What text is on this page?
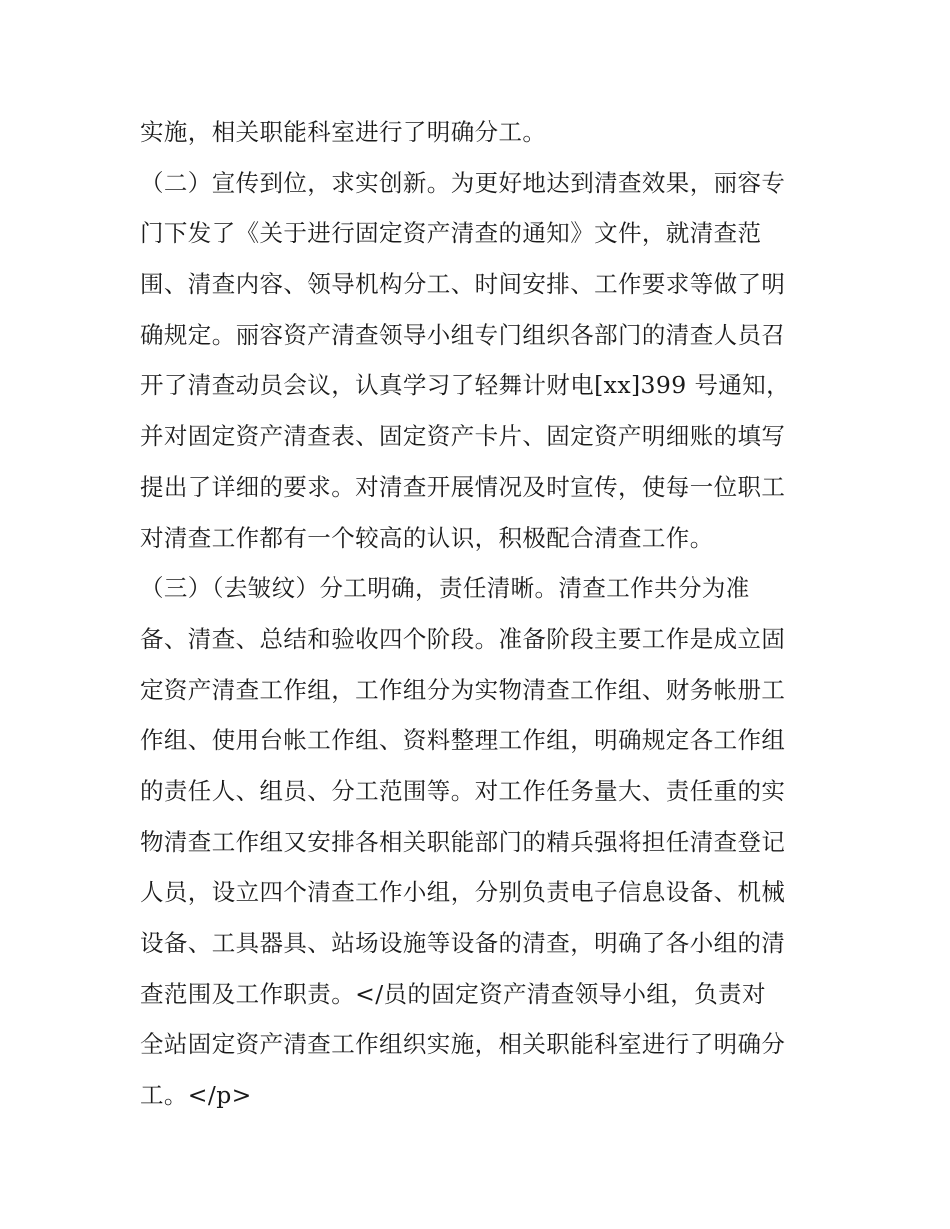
实施，相关职能科室进行了明确分工。

（二）宣传到位，求实创新。为更好地达到清查效果，丽容专

门下发了《关于进行固定资产清查的通知》文件，就清查范

围、清查内容、领导机构分工、时间安排、工作要求等做了明

确规定。丽容资产清查领导小组专门组织各部门的清查人员召

开了清查动员会议，认真学习了轻舞计财电[xx]399 号通知，

并对固定资产清查表、固定资产卡片、固定资产明细账的填写

提出了详细的要求。对清查开展情况及时宣传，使每一位职工

对清查工作都有一个较高的认识，积极配合清查工作。

（三）（去皱纹）分工明确，责任清晰。清查工作共分为准

备、清查、总结和验收四个阶段。准备阶段主要工作是成立固

定资产清查工作组，工作组分为实物清查工作组、财务帐册工

作组、使用台帐工作组、资料整理工作组，明确规定各工作组

的责任人、组员、分工范围等。对工作任务量大、责任重的实

物清查工作组又安排各相关职能部门的精兵强将担任清查登记

人员，设立四个清查工作小组，分别负责电子信息设备、机械

设备、工具器具、站场设施等设备的清查，明确了各小组的清

查范围及工作职责。</员的固定资产清查领导小组，负责对

全站固定资产清查工作组织实施，相关职能科室进行了明确分

工。</p>
